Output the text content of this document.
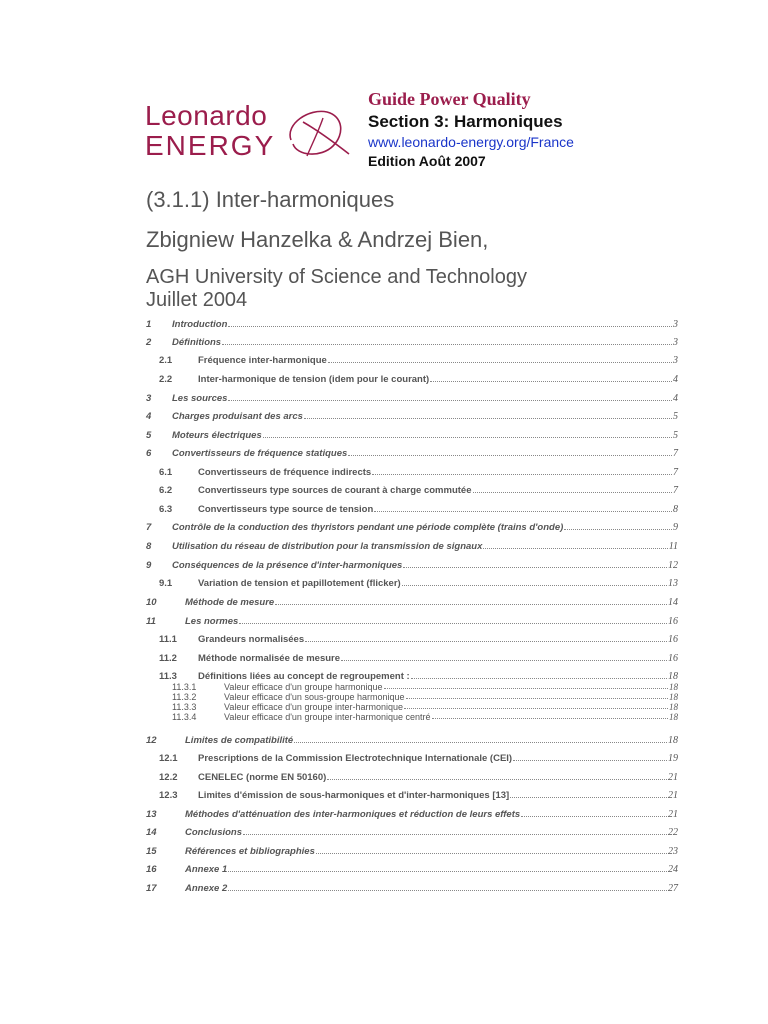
Leonardo
ENERGY
Guide Power Quality
Section 3: Harmoniques
www.leonardo-energy.org/France
Edition Août 2007
(3.1.1) Inter-harmoniques
Zbigniew Hanzelka & Andrzej Bien,
AGH University of Science and Technology
Juillet 2004
1	Introduction	3
2	Définitions	3
2.1	Fréquence inter-harmonique	3
2.2	Inter-harmonique de tension (idem pour le courant)	4
3	Les sources	4
4	Charges produisant des arcs	5
5	Moteurs électriques	5
6	Convertisseurs de fréquence statiques	7
6.1	Convertisseurs de fréquence indirects	7
6.2	Convertisseurs type sources de courant à charge commutée	7
6.3	Convertisseurs type source de tension	8
7	Contrôle de la conduction des thyristors pendant une période complète (trains d'onde)	9
8	Utilisation du réseau de distribution pour la transmission de signaux	11
9	Conséquences de la présence d'inter-harmoniques	12
9.1	Variation de tension et papillotement (flicker)	13
10	Méthode de mesure	14
11	Les normes	16
11.1	Grandeurs normalisées	16
11.2	Méthode normalisée de mesure	16
11.3	Définitions liées au concept de regroupement :	18
11.3.1	Valeur efficace d'un groupe harmonique	18
11.3.2	Valeur efficace d'un sous-groupe harmonique	18
11.3.3	Valeur efficace d'un groupe inter-harmonique	18
11.3.4	Valeur efficace d'un groupe inter-harmonique centré	18
12	Limites de compatibilité	18
12.1	Prescriptions de la Commission Electrotechnique Internationale (CEI)	19
12.2	CENELEC (norme EN 50160)	21
12.3	Limites d'émission de sous-harmoniques et d'inter-harmoniques [13]	21
13	Méthodes d'atténuation des inter-harmoniques et réduction de leurs effets	21
14	Conclusions	22
15	Références et bibliographies	23
16	Annexe 1	24
17	Annexe 2	27
